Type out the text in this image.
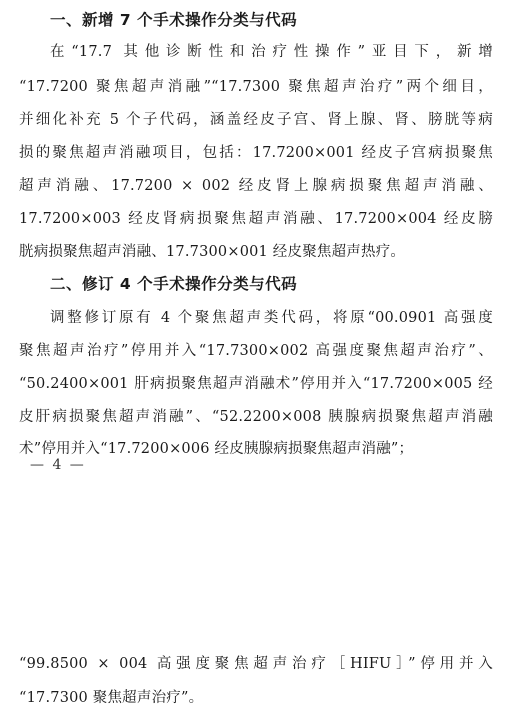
一、新增 7 个手术操作分类与代码
在“17.7 其他诊断性和治疗性操作”亚目下，新增
“17.7200 聚焦超声消融”“17.7300 聚焦超声治疗”两个细目，
并细化补充 5 个子代码，涵盖经皮子宫、肾上腺、肾、膀胱等病
损的聚焦超声消融项目，包括：17.7200×001 经皮子宫病损聚焦
超声消融、17.7200 × 002 经皮肾上腺病损聚焦超声消融、
17.7200×003 经皮肾病损聚焦超声消融、17.7200×004 经皮膀
胱病损聚焦超声消融、17.7300×001 经皮聚焦超声热疗。
二、修订 4 个手术操作分类与代码
调整修订原有 4 个聚焦超声类代码，将原“00.0901 高强度
聚焦超声治疗”停用并入“17.7300×002 高强度聚焦超声治疗”、
“50.2400×001 肝病损聚焦超声消融术”停用并入“17.7200×005 经
皮肝病损聚焦超声消融”、“52.2200×008 胰腺病损聚焦超声消融
术”停用并入“17.7200×006 经皮胰腺病损聚焦超声消融”；
— 4 —
“99.8500 × 004 高强度聚焦超声治疗［HIFU］”停用并入
“17.7300 聚焦超声治疗”。
